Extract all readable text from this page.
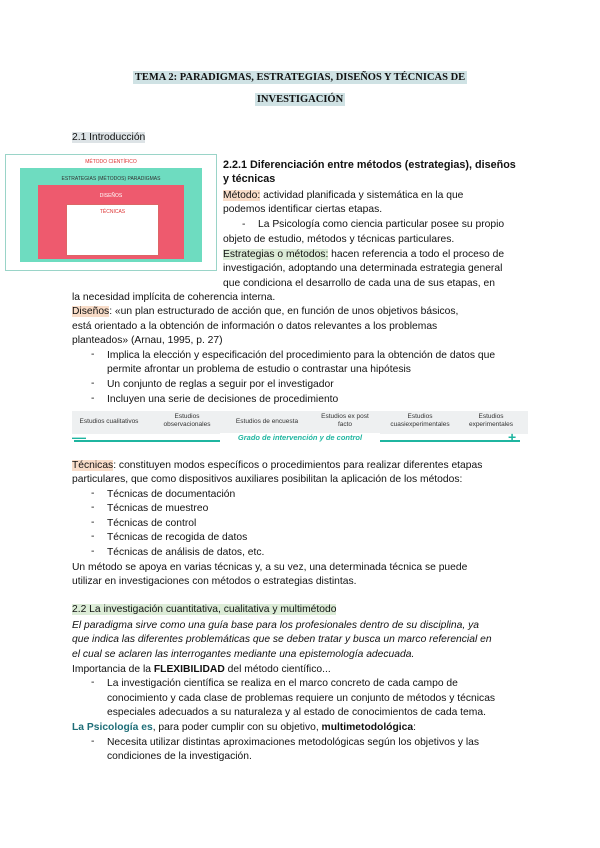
TEMA 2: PARADIGMAS, ESTRATEGIAS, DISEÑOS Y TÉCNICAS DE
INVESTIGACIÓN
2.1 Introducción
MÉTODO CIENTÍFICO
ESTRATEGIAS (MÉTODOS) PARADIGMAS
DISEÑOS
TÉCNICAS
2.2.1 Diferenciación entre métodos (estrategias), diseños
y técnicas
Método: actividad planificada y sistemática en la que
podemos identificar ciertas etapas.
- La Psicología como ciencia particular posee su propio
objeto de estudio, métodos y técnicas particulares.
Estrategias o métodos: hacen referencia a todo el proceso de
investigación, adoptando una determinada estrategia general
que condiciona el desarrollo de cada una de sus etapas, en
la necesidad implícita de coherencia interna.
Diseños: «un plan estructurado de acción que, en función de unos objetivos básicos,
está orientado a la obtención de información o datos relevantes a los problemas
planteados» (Arnau, 1995, p. 27)
- Implica la elección y especificación del procedimiento para la obtención de datos que
permite afrontar un problema de estudio o contrastar una hipótesis
- Un conjunto de reglas a seguir por el investigador
- Incluyen una serie de decisiones de procedimiento
Estudios cualitativos
Estudios
observacionales	Estudios de encuesta
Estudios ex post
facto
Estudios
cuasiexperimentales
Estudios
experimentales
Grado de intervención y de control
—	+
Técnicas: constituyen modos específicos o procedimientos para realizar diferentes etapas
particulares, que como dispositivos auxiliares posibilitan la aplicación de los métodos:
- Técnicas de documentación
- Técnicas de muestreo
- Técnicas de control
- Técnicas de recogida de datos
- Técnicas de análisis de datos, etc.
Un método se apoya en varias técnicas y, a su vez, una determinada técnica se puede
utilizar en investigaciones con métodos o estrategias distintas.
2.2 La investigación cuantitativa, cualitativa y multimétodo
El paradigma sirve como una guía base para los profesionales dentro de su disciplina, ya
que indica las diferentes problemáticas que se deben tratar y busca un marco referencial en
el cual se aclaren las interrogantes mediante una epistemología adecuada.
Importancia de la FLEXIBILIDAD del método científico...
- La investigación científica se realiza en el marco concreto de cada campo de
conocimiento y cada clase de problemas requiere un conjunto de métodos y técnicas
especiales adecuados a su naturaleza y al estado de conocimientos de cada tema.
La Psicología es, para poder cumplir con su objetivo, multimetodológica:
- Necesita utilizar distintas aproximaciones metodológicas según los objetivos y las
condiciones de la investigación.
